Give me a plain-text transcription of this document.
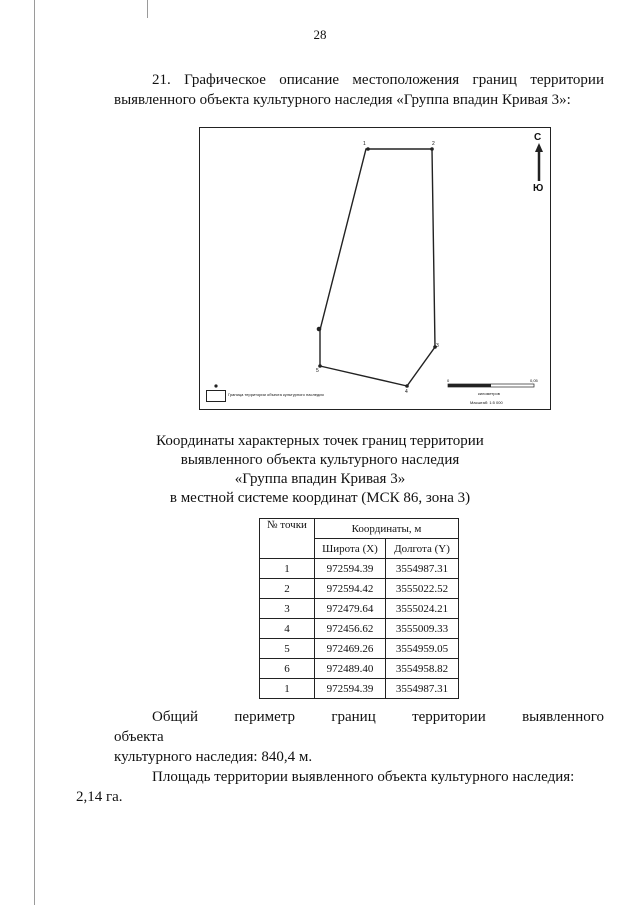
28
21. Графическое описание местоположения границ территории
выявленного объекта культурного наследия «Группа впадин Кривая 3»:
1	2
3
4
5
С
Ю
Граница территории объекта культурного наследия
0	0,05
километров
Масштаб: 1:5 000
Координаты характерных точек границ территории
выявленного объекта культурного наследия
«Группа впадин Кривая 3»
в местной системе координат (МСК 86, зона 3)
№ точки	Координаты, м	
	Широта (X)	Долгота (Y)
1	972594.39	3554987.31
2	972594.42	3555022.52
3	972479.64	3555024.21
4	972456.62	3555009.33
5	972469.26	3554959.05
6	972489.40	3554958.82
1	972594.39	3554987.31

Общий периметр границ территории выявленного объекта
культурного наследия: 840,4 м.

Площадь территории выявленного объекта культурного наследия:
2,14 га.
